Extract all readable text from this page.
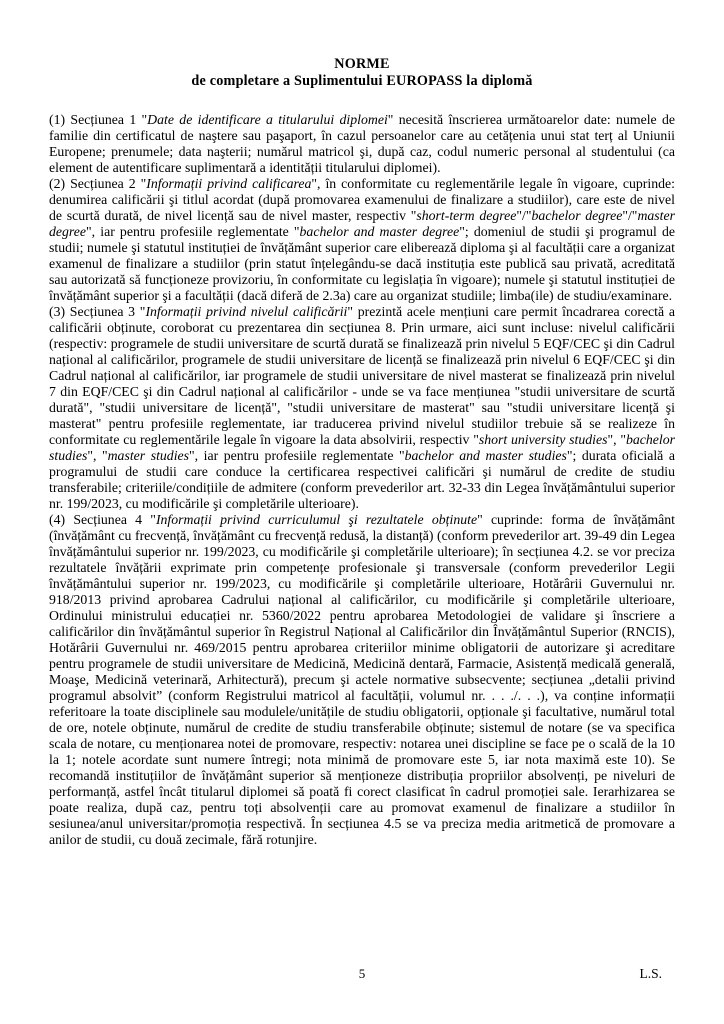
NORME
de completare a Suplimentului EUROPASS la diplomă

(1) Secțiunea 1 "Date de identificare a titularului diplomei" necesită înscrierea următoarelor date: numele de familie din certificatul de naştere sau paşaport, în cazul persoanelor care au cetățenia unui stat terț al Uniunii Europene; prenumele; data naşterii; numărul matricol şi, după caz, codul numeric personal al studentului (ca element de autentificare suplimentară a identității titularului diplomei).

(2) Secțiunea 2 "Informații privind calificarea", în conformitate cu reglementările legale în vigoare, cuprinde: denumirea calificării şi titlul acordat (după promovarea examenului de finalizare a studiilor), care este de nivel de scurtă durată, de nivel licență sau de nivel master, respectiv "short-term degree"/"bachelor degree"/"master degree", iar pentru profesiile reglementate "bachelor and master degree"; domeniul de studii şi programul de studii; numele şi statutul instituției de învățământ superior care eliberează diploma şi al facultății care a organizat examenul de finalizare a studiilor (prin statut înțelegându-se dacă instituția este publică sau privată, acreditată sau autorizată să funcționeze provizoriu, în conformitate cu legislația în vigoare); numele şi statutul instituției de învățământ superior şi a facultății (dacă diferă de 2.3a) care au organizat studiile; limba(ile) de studiu/examinare.

(3) Secțiunea 3 "Informații privind nivelul calificării" prezintă acele mențiuni care permit încadrarea corectă a calificării obținute, coroborat cu prezentarea din secțiunea 8. Prin urmare, aici sunt incluse: nivelul calificării (respectiv: programele de studii universitare de scurtă durată se finalizează prin nivelul 5 EQF/CEC şi din Cadrul național al calificărilor, programele de studii universitare de licență se finalizează prin nivelul 6 EQF/CEC şi din Cadrul național al calificărilor, iar programele de studii universitare de nivel masterat se finalizează prin nivelul 7 din EQF/CEC şi din Cadrul național al calificărilor - unde se va face mențiunea "studii universitare de scurtă durată", "studii universitare de licență", "studii universitare de masterat" sau "studii universitare licență şi masterat" pentru profesiile reglementate, iar traducerea privind nivelul studiilor trebuie să se realizeze în conformitate cu reglementările legale în vigoare la data absolvirii, respectiv "short university studies", "bachelor studies", "master studies", iar pentru profesiile reglementate "bachelor and master studies"; durata oficială a programului de studii care conduce la certificarea respectivei calificări şi numărul de credite de studiu transferabile; criteriile/condițiile de admitere (conform prevederilor art. 32-33 din Legea învățământului superior nr. 199/2023, cu modificările şi completările ulterioare).

(4) Secțiunea 4 "Informații privind curriculumul şi rezultatele obținute" cuprinde: forma de învățământ (învățământ cu frecvență, învățământ cu frecvență redusă, la distanță) (conform prevederilor art. 39-49 din Legea învățământului superior nr. 199/2023, cu modificările şi completările ulterioare); în secțiunea 4.2. se vor preciza rezultatele învățării exprimate prin competențe profesionale şi transversale (conform prevederilor Legii învățământului superior nr. 199/2023, cu modificările şi completările ulterioare, Hotărârii Guvernului nr. 918/2013 privind aprobarea Cadrului național al calificărilor, cu modificările şi completările ulterioare, Ordinului ministrului educației nr. 5360/2022 pentru aprobarea Metodologiei de validare şi înscriere a calificărilor din învățământul superior în Registrul Național al Calificărilor din Învățământul Superior (RNCIS), Hotărârii Guvernului nr. 469/2015 pentru aprobarea criteriilor minime obligatorii de autorizare şi acreditare pentru programele de studii universitare de Medicină, Medicină dentară, Farmacie, Asistență medicală generală, Moaşe, Medicină veterinară, Arhitectură), precum şi actele normative subsecvente; secțiunea „detalii privind programul absolvit” (conform Registrului matricol al facultății, volumul nr. . . ./. . .), va conține informații referitoare la toate disciplinele sau modulele/unitățile de studiu obligatorii, opționale şi facultative, numărul total de ore, notele obținute, numărul de credite de studiu transferabile obținute; sistemul de notare (se va specifica scala de notare, cu menționarea notei de promovare, respectiv: notarea unei discipline se face pe o scală de la 10 la 1; notele acordate sunt numere întregi; nota minimă de promovare este 5, iar nota maximă este 10). Se recomandă instituțiilor de învățământ superior să menționeze distribuția propriilor absolvenți, pe niveluri de performanță, astfel încât titularul diplomei să poată fi corect clasificat în cadrul promoției sale. Ierarhizarea se poate realiza, după caz, pentru toți absolvenții care au promovat examenul de finalizare a studiilor în sesiunea/anul universitar/promoția respectivă. În secțiunea 4.5 se va preciza media aritmetică de promovare a anilor de studii, cu două zecimale, fără rotunjire.

5	L.S.
